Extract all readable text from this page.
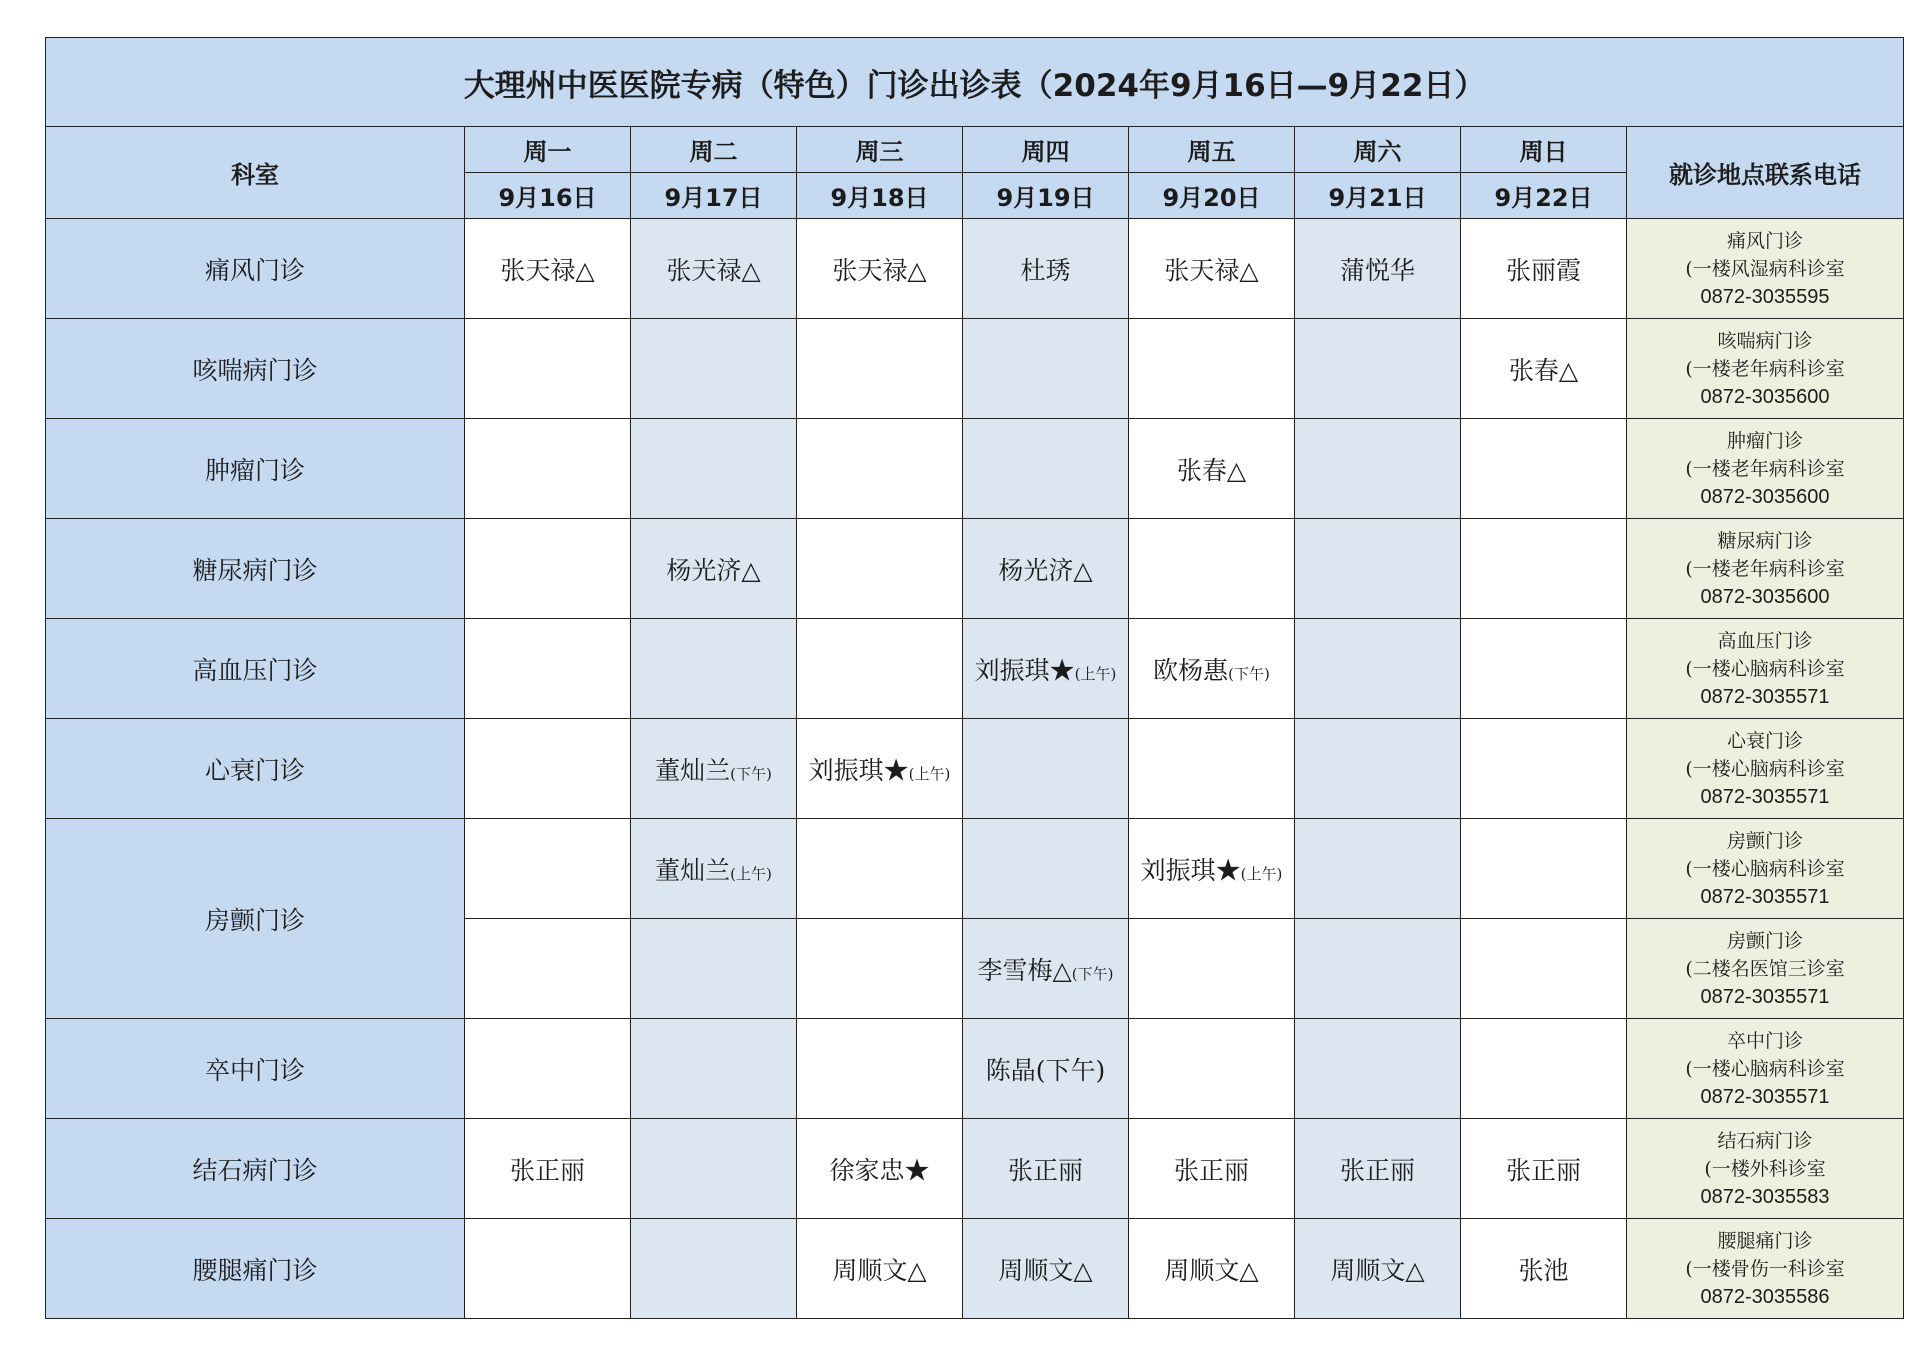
大理州中医医院专病（特色）门诊出诊表（2024年9月16日—9月22日）								
科室	周一	周二	周三	周四	周五	周六	周日	就诊地点联系电话
	9月16日	9月17日	9月18日	9月19日	9月20日	9月21日	9月22日	
痛风门诊	张天禄△	张天禄△	张天禄△	杜琇	张天禄△	蒲悦华	张丽霞	痛风门诊
(一楼风湿病科诊室
0872-3035595

咳喘病门诊							张春△	咳喘病门诊
(一楼老年病科诊室
0872-3035600

肿瘤门诊					张春△			肿瘤门诊
(一楼老年病科诊室
0872-3035600

糖尿病门诊		杨光济△		杨光济△				糖尿病门诊
(一楼老年病科诊室
0872-3035600

高血压门诊				刘振琪★(上午)	欧杨惠(下午)			高血压门诊
(一楼心脑病科诊室
0872-3035571

心衰门诊		董灿兰(下午)	刘振琪★(上午)					心衰门诊
(一楼心脑病科诊室
0872-3035571

房颤门诊		董灿兰(上午)			刘振琪★(上午)			房颤门诊
(一楼心脑病科诊室
0872-3035571

				李雪梅△(下午)				房颤门诊
(二楼名医馆三诊室
0872-3035571

卒中门诊				陈晶(下午)				卒中门诊
(一楼心脑病科诊室
0872-3035571

结石病门诊	张正丽		徐家忠★	张正丽	张正丽	张正丽	张正丽	结石病门诊
(一楼外科诊室
0872-3035583

腰腿痛门诊			周顺文△	周顺文△	周顺文△	周顺文△	张池	腰腿痛门诊
(一楼骨伤一科诊室
0872-3035586
